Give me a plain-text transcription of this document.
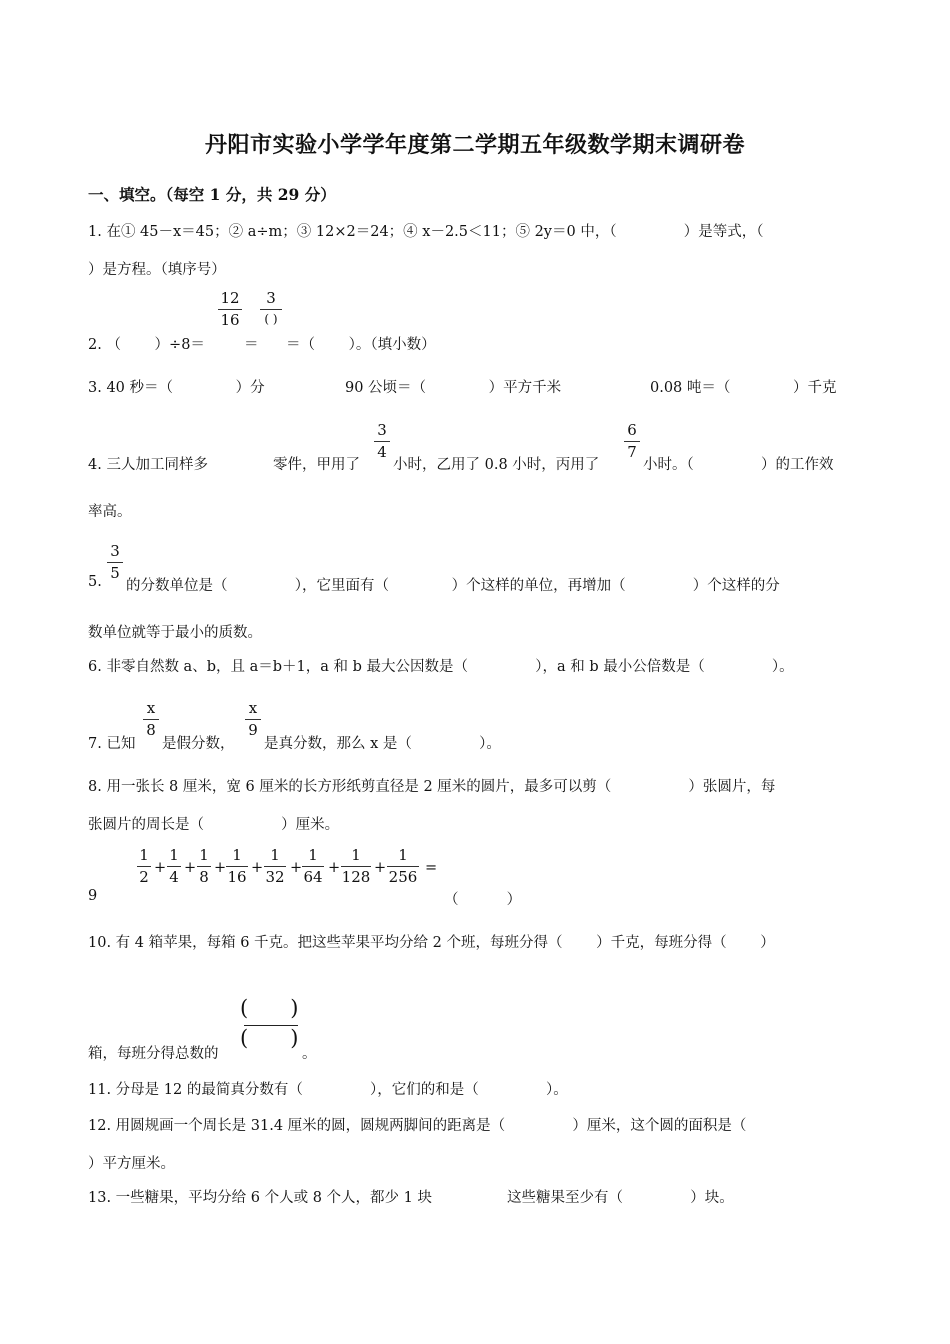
丹阳市实验小学学年度第二学期五年级数学期末调研卷
一、填空。（每空 1 分，共 29 分）
1. 在① 45－x＝45；② a÷m；③ 12×2＝24；④ x－2.5＜11；⑤ 2y＝0 中，（ 　　　　 ）是等式，（
）是方程。（填序号）
$\frac{12}{16}$	3
( )
2. （ 　　）÷8＝	＝ ＝（ 　　）。（填小数）
3. 40 秒＝（ 　　　　）分	90 公顷＝（ 　　　　）平方千米	0.08 吨＝（ 　　　　）千克
4. 三人加工同样多	零件，甲用了
$\frac{3}{4}$
小时，乙用了 0.8 小时，丙用了
$\frac{6}{7}$
小时。（ 　　　　 ）的工作效
率高。
5.
$\frac{3}{5}$
的分数单位是（ 　　　　 ），它里面有（ 　　　　）个这样的单位，再增加（ 　　　　 ）个这样的分
数单位就等于最小的质数。
6. 非零自然数 a、b，且 a＝b＋1，a 和 b 最大公因数是（ 　　　　 ），a 和 b 最小公倍数是（ 　　　　 ）。
7. 已知
$\frac{x}{8}$
是假分数，
$\frac{x}{9}$
是真分数，那么 x 是（ 　　　　 ）。
8. 用一张长 8 厘米，宽 6 厘米的长方形纸剪直径是 2 厘米的圆片，最多可以剪（ 　　　　　）张圆片，每
张圆片的周长是（ 　　　　　）厘米。
9
$\frac{1}{2} + \frac{1}{4} + \frac{1}{8} + \frac{1}{16} + \frac{1}{32} + \frac{1}{64} + \frac{1}{128} + \frac{1}{256}$ =
（ 　　　）
10. 有 4 箱苹果，每箱 6 千克。把这些苹果平均分给 2 个班，每班分得（ 　　）千克，每班分得（ 　　）
箱，每班分得总数的
(　　)
(　　)
。
11. 分母是 12 的最简真分数有（ 　　　　 ），它们的和是（ 　　　　 ）。
12. 用圆规画一个周长是 31.4 厘米的圆，圆规两脚间的距离是（ 　　　　 ）厘米，这个圆的面积是（
）平方厘米。
13. 一些糖果，平均分给 6 个人或 8 个人，都少 1 块	这些糖果至少有（ 　　　　 ）块。
